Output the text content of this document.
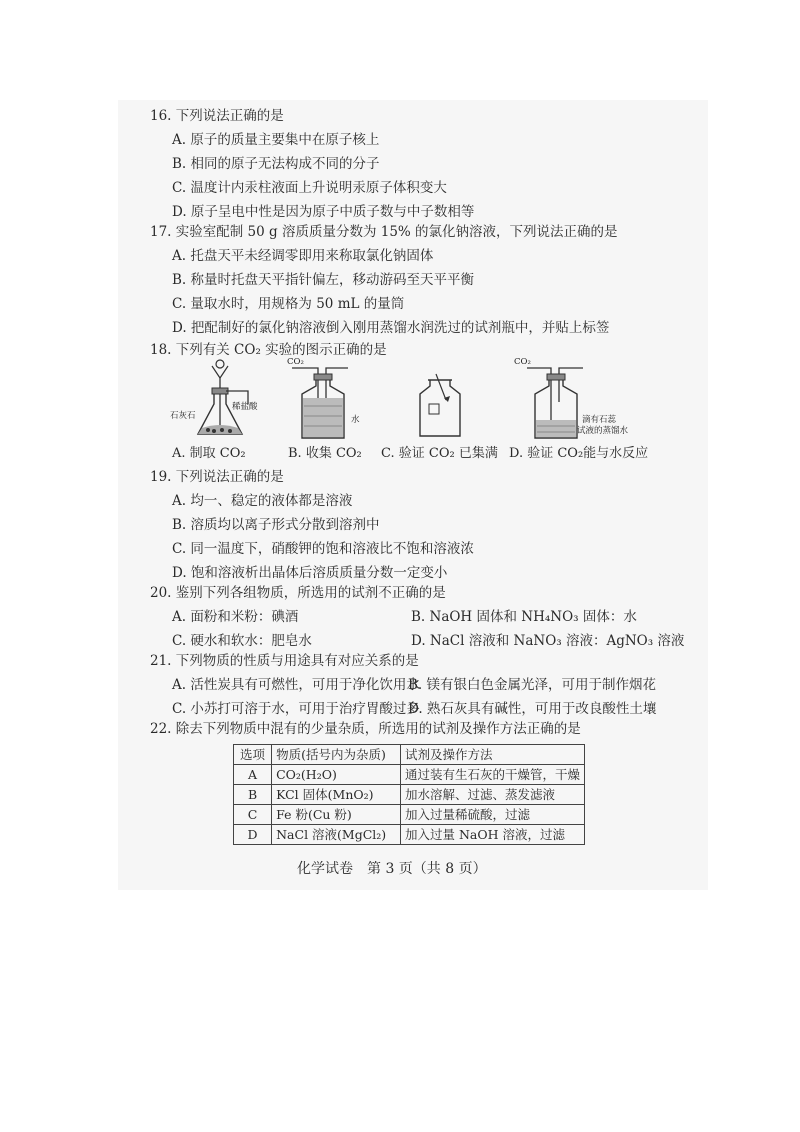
16. 下列说法正确的是
A. 原子的质量主要集中在原子核上
B. 相同的原子无法构成不同的分子
C. 温度计内汞柱液面上升说明汞原子体积变大
D. 原子呈电中性是因为原子中质子数与中子数相等
17. 实验室配制 50 g 溶质质量分数为 15% 的氯化钠溶液，下列说法正确的是
A. 托盘天平未经调零即用来称取氯化钠固体
B. 称量时托盘天平指针偏左，移动游码至天平平衡
C. 量取水时，用规格为 50 mL 的量筒
D. 把配制好的氯化钠溶液倒入刚用蒸馏水润洗过的试剂瓶中，并贴上标签
18. 下列有关 CO₂ 实验的图示正确的是
石灰石
稀盐酸
CO₂
水
CO₂
滴有石蕊
试液的蒸馏水
A. 制取 CO₂	B. 收集 CO₂ C. 验证 CO₂ 已集满 D. 验证 CO₂能与水反应
19. 下列说法正确的是
A. 均一、稳定的液体都是溶液
B. 溶质均以离子形式分散到溶剂中
C. 同一温度下，硝酸钾的饱和溶液比不饱和溶液浓
D. 饱和溶液析出晶体后溶质质量分数一定变小
20. 鉴别下列各组物质，所选用的试剂不正确的是
A. 面粉和米粉：碘酒	B. NaOH 固体和 NH₄NO₃ 固体：水
C. 硬水和软水：肥皂水	D. NaCl 溶液和 NaNO₃ 溶液：AgNO₃ 溶液
21. 下列物质的性质与用途具有对应关系的是
A. 活性炭具有可燃性，可用于净化饮用水
B. 镁有银白色金属光泽，可用于制作烟花
C. 小苏打可溶于水，可用于治疗胃酸过多
D. 熟石灰具有碱性，可用于改良酸性土壤
22. 除去下列物质中混有的少量杂质，所选用的试剂及操作方法正确的是
选项	物质(括号内为杂质)	试剂及操作方法
A	CO₂(H₂O)	通过装有生石灰的干燥管，干燥
B	KCl 固体(MnO₂)	加水溶解、过滤、蒸发滤液
C	Fe 粉(Cu 粉)	加入过量稀硫酸，过滤
D	NaCl 溶液(MgCl₂)	加入过量 NaOH 溶液，过滤
化学试卷　第 3 页（共 8 页）
